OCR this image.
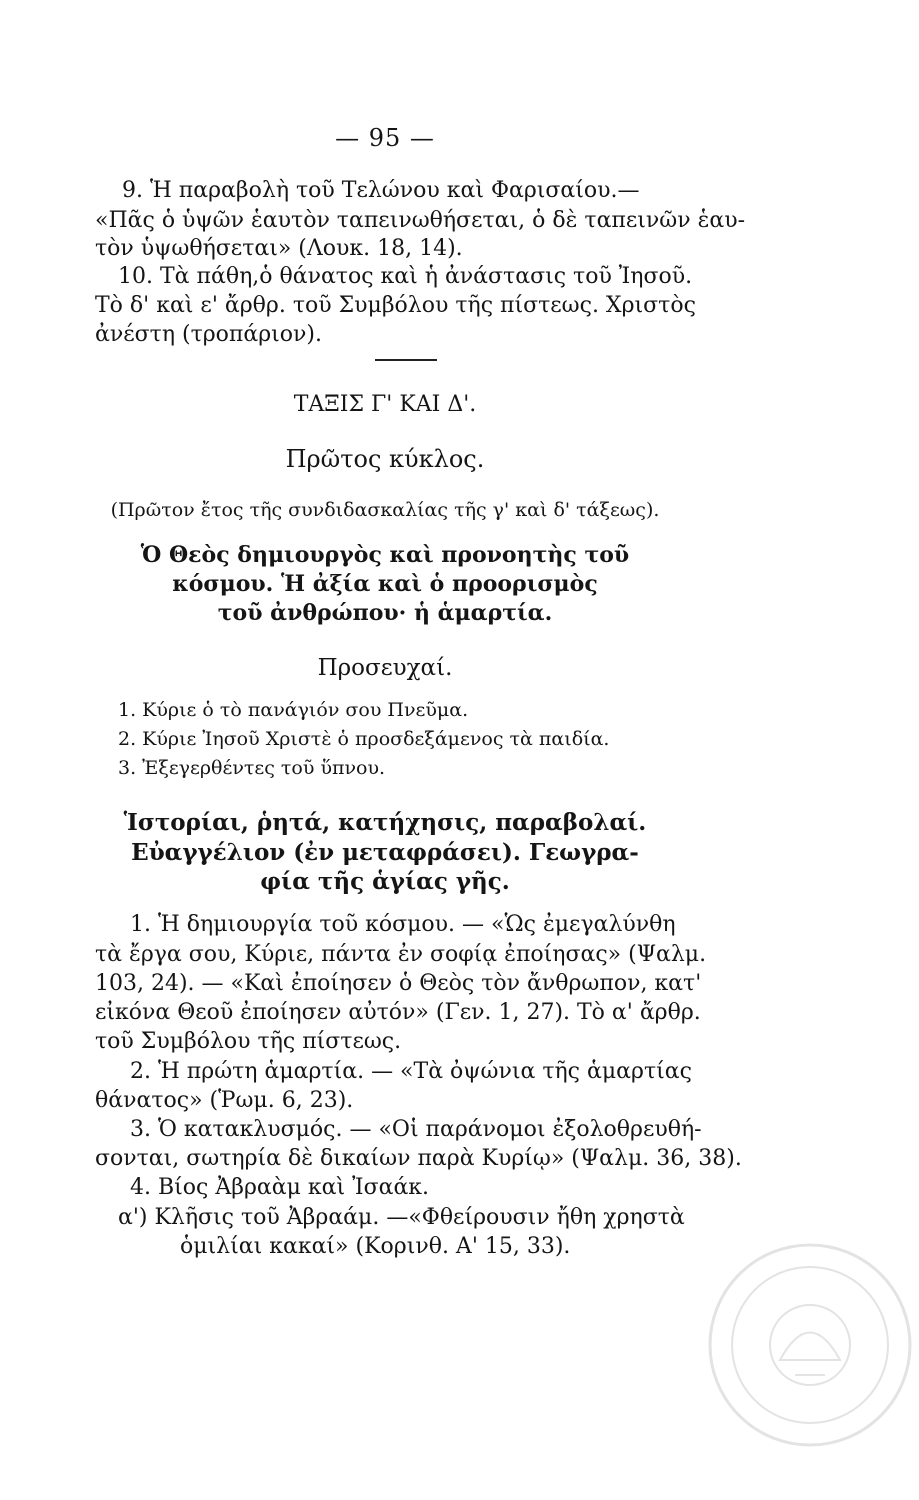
— 95 —
9. Ἡ παραβολὴ τοῦ Τελώνου καὶ Φαρισαίου.—
«Πᾶς ὁ ὑψῶν ἑαυτὸν ταπεινωθήσεται, ὁ δὲ ταπεινῶν ἑαυ-
τὸν ὑψωθήσεται» (Λουκ. 18, 14).
10. Τὰ πάθη,ὁ θάνατος καὶ ἡ ἀνάστασις τοῦ Ἰησοῦ.
Τὸ δ' καὶ ε' ἄρθρ. τοῦ Συμβόλου τῆς πίστεως. Χριστὸς
ἀνέστη (τροπάριον).
ΤΑΞΙΣ Γ' ΚΑΙ Δ'.
Πρῶτος κύκλος.
(Πρῶτον ἔτος τῆς συνδιδασκαλίας τῆς γ' καὶ δ' τάξεως).
Ὁ Θεὸς δημιουργὸς καὶ προνοητὴς τοῦ
κόσμου. Ἡ ἀξία καὶ ὁ προορισμὸς
τοῦ ἀνθρώπου· ἡ ἁμαρτία.
Προσευχαί.
1. Κύριε ὁ τὸ πανάγιόν σου Πνεῦμα.
2. Κύριε Ἰησοῦ Χριστὲ ὁ προσδεξάμενος τὰ παιδία.
3. Ἐξεγερθέντες τοῦ ὕπνου.
Ἱστορίαι, ῥητά, κατήχησις, παραβολαί.
Εὐαγγέλιον (ἐν μεταφράσει). Γεωγρα-
φία τῆς ἁγίας γῆς.
1. Ἡ δημιουργία τοῦ κόσμου. — «Ὡς ἐμεγαλύνθη
τὰ ἔργα σου, Κύριε, πάντα ἐν σοφίᾳ ἐποίησας» (Ψαλμ.
103, 24). — «Καὶ ἐποίησεν ὁ Θεὸς τὸν ἄνθρωπον, κατ'
εἰκόνα Θεοῦ ἐποίησεν αὐτόν» (Γεν. 1, 27). Τὸ α' ἄρθρ.
τοῦ Συμβόλου τῆς πίστεως.
2. Ἡ πρώτη ἁμαρτία. — «Τὰ ὀψώνια τῆς ἁμαρτίας
θάνατος» (Ῥωμ. 6, 23).
3. Ὁ κατακλυσμός. — «Οἱ παράνομοι ἐξολοθρευθή-
σονται, σωτηρία δὲ δικαίων παρὰ Κυρίῳ» (Ψαλμ. 36, 38).
4. Βίος Ἀβραὰμ καὶ Ἰσαάκ.
α') Κλῆσις τοῦ Ἀβραάμ. —«Φθείρουσιν ἤθη χρηστὰ
ὁμιλίαι κακαί» (Κορινθ. Α' 15, 33).
